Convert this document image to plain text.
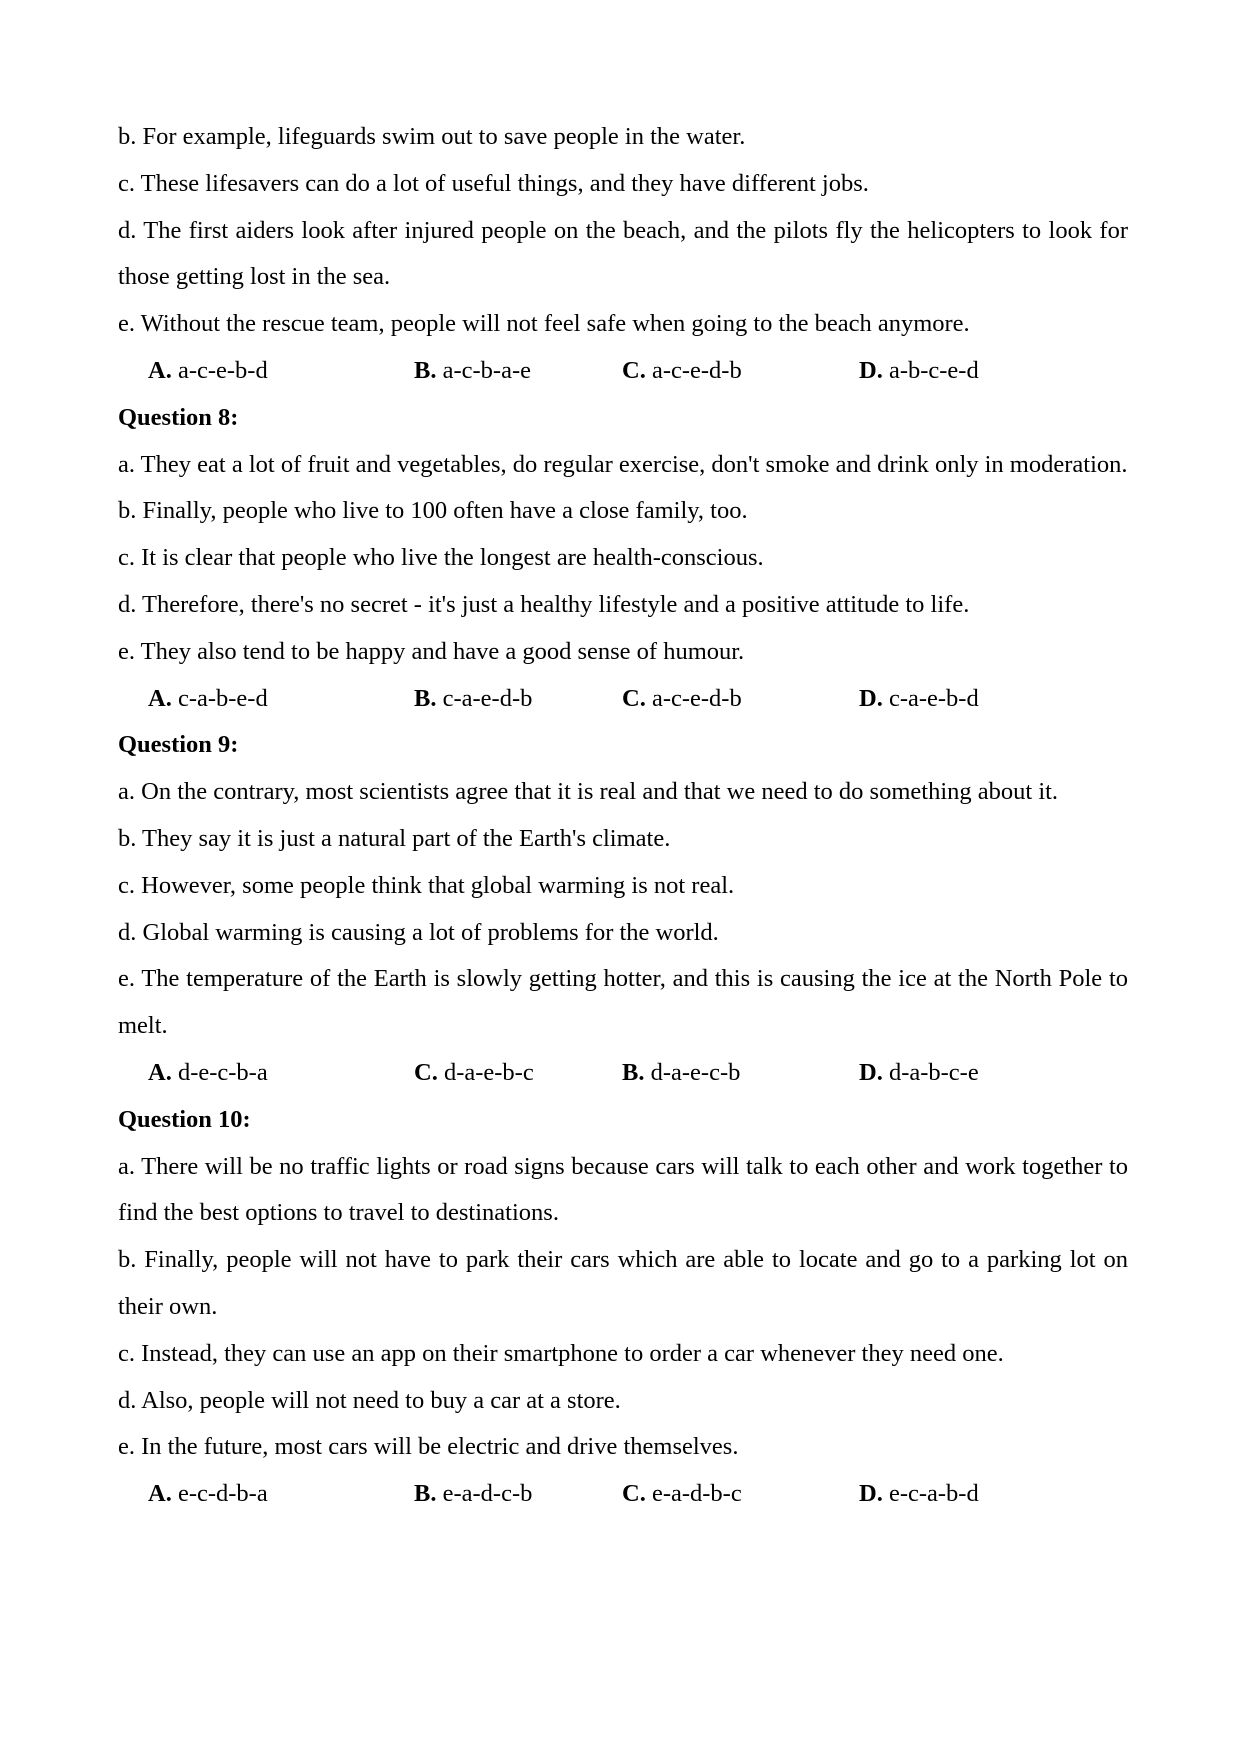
b. For example, lifeguards swim out to save people in the water.
c. These lifesavers can do a lot of useful things, and they have different jobs.
d. The first aiders look after injured people on the beach, and the pilots fly the helicopters to look for those getting lost in the sea.
e. Without the rescue team, people will not feel safe when going to the beach anymore.
A. a-c-e-b-d	B. a-c-b-a-e	C. a-c-e-d-b	D. a-b-c-e-d
Question 8:
a. They eat a lot of fruit and vegetables, do regular exercise, don't smoke and drink only in moderation.
b. Finally, people who live to 100 often have a close family, too.
c. It is clear that people who live the longest are health-conscious.
d. Therefore, there's no secret - it's just a healthy lifestyle and a positive attitude to life.
e. They also tend to be happy and have a good sense of humour.
A. c-a-b-e-d	B. c-a-e-d-b	C. a-c-e-d-b	D. c-a-e-b-d
Question 9:
a. On the contrary, most scientists agree that it is real and that we need to do something about it.
b. They say it is just a natural part of the Earth's climate.
c. However, some people think that global warming is not real.
d. Global warming is causing a lot of problems for the world.
e. The temperature of the Earth is slowly getting hotter, and this is causing the ice at the North Pole to melt.
A. d-e-c-b-a	C. d-a-e-b-c	B. d-a-e-c-b	D. d-a-b-c-e
Question 10:
a. There will be no traffic lights or road signs because cars will talk to each other and work together to find the best options to travel to destinations.
b. Finally, people will not have to park their cars which are able to locate and go to a parking lot on their own.
c. Instead, they can use an app on their smartphone to order a car whenever they need one.
d. Also, people will not need to buy a car at a store.
e. In the future, most cars will be electric and drive themselves.
A. e-c-d-b-a	B. e-a-d-c-b	C. e-a-d-b-c	D. e-c-a-b-d
